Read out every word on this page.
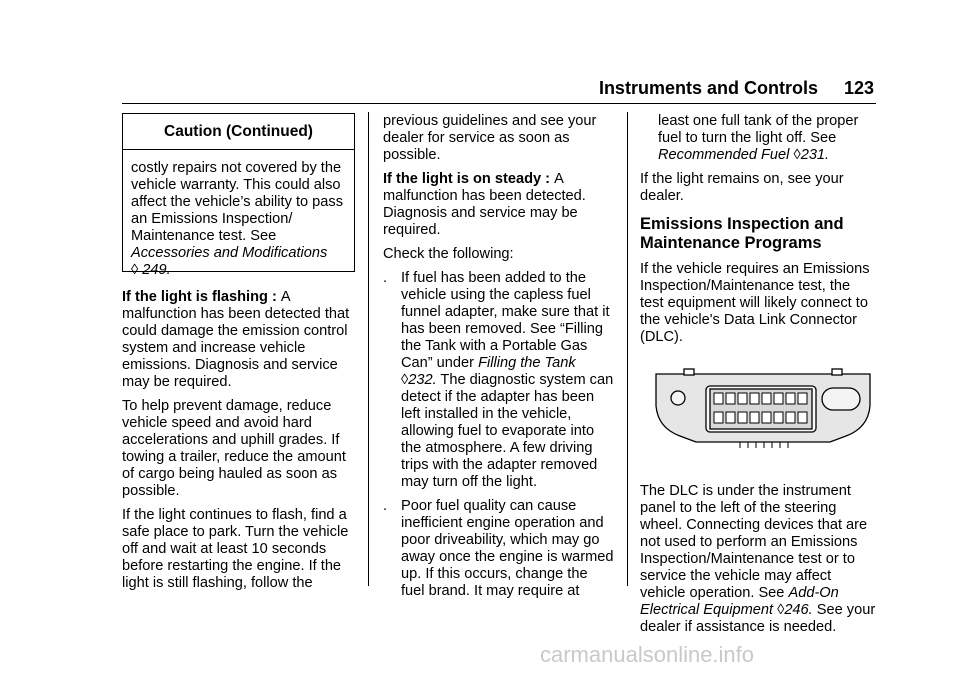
Instruments and Controls 123
Caution (Continued)
costly repairs not covered by the vehicle warranty. This could also affect the vehicle’s ability to pass an Emissions Inspection/ Maintenance test. See
Accessories and Modifications
◊ 249.

If the light is flashing : A malfunction has been detected that could damage the emission control system and increase vehicle emissions. Diagnosis and service may be required.

To help prevent damage, reduce vehicle speed and avoid hard accelerations and uphill grades. If towing a trailer, reduce the amount of cargo being hauled as soon as possible.

If the light continues to flash, find a safe place to park. Turn the vehicle off and wait at least 10 seconds before restarting the engine. If the light is still flashing, follow the

previous guidelines and see your dealer for service as soon as possible.

If the light is on steady : A malfunction has been detected. Diagnosis and service may be required.

Check the following:

. If fuel has been added to the vehicle using the capless fuel funnel adapter, make sure that it has been removed. See “Filling the Tank with a Portable Gas Can” under Filling the Tank
◊232. The diagnostic system can detect if the adapter has been left installed in the vehicle, allowing fuel to evaporate into the atmosphere. A few driving trips with the adapter removed may turn off the light.

. Poor fuel quality can cause inefficient engine operation and poor driveability, which may go away once the engine is warmed up. If this occurs, change the fuel brand. It may require at

least one full tank of the proper fuel to turn the light off. See
Recommended Fuel ◊231.

If the light remains on, see your dealer.

Emissions Inspection and Maintenance Programs

If the vehicle requires an Emissions Inspection/Maintenance test, the test equipment will likely connect to the vehicle's Data Link Connector (DLC).

The DLC is under the instrument panel to the left of the steering wheel. Connecting devices that are not used to perform an Emissions Inspection/Maintenance test or to service the vehicle may affect vehicle operation. See Add-On Electrical Equipment ◊246. See your dealer if assistance is needed.

carmanualsonline.info
